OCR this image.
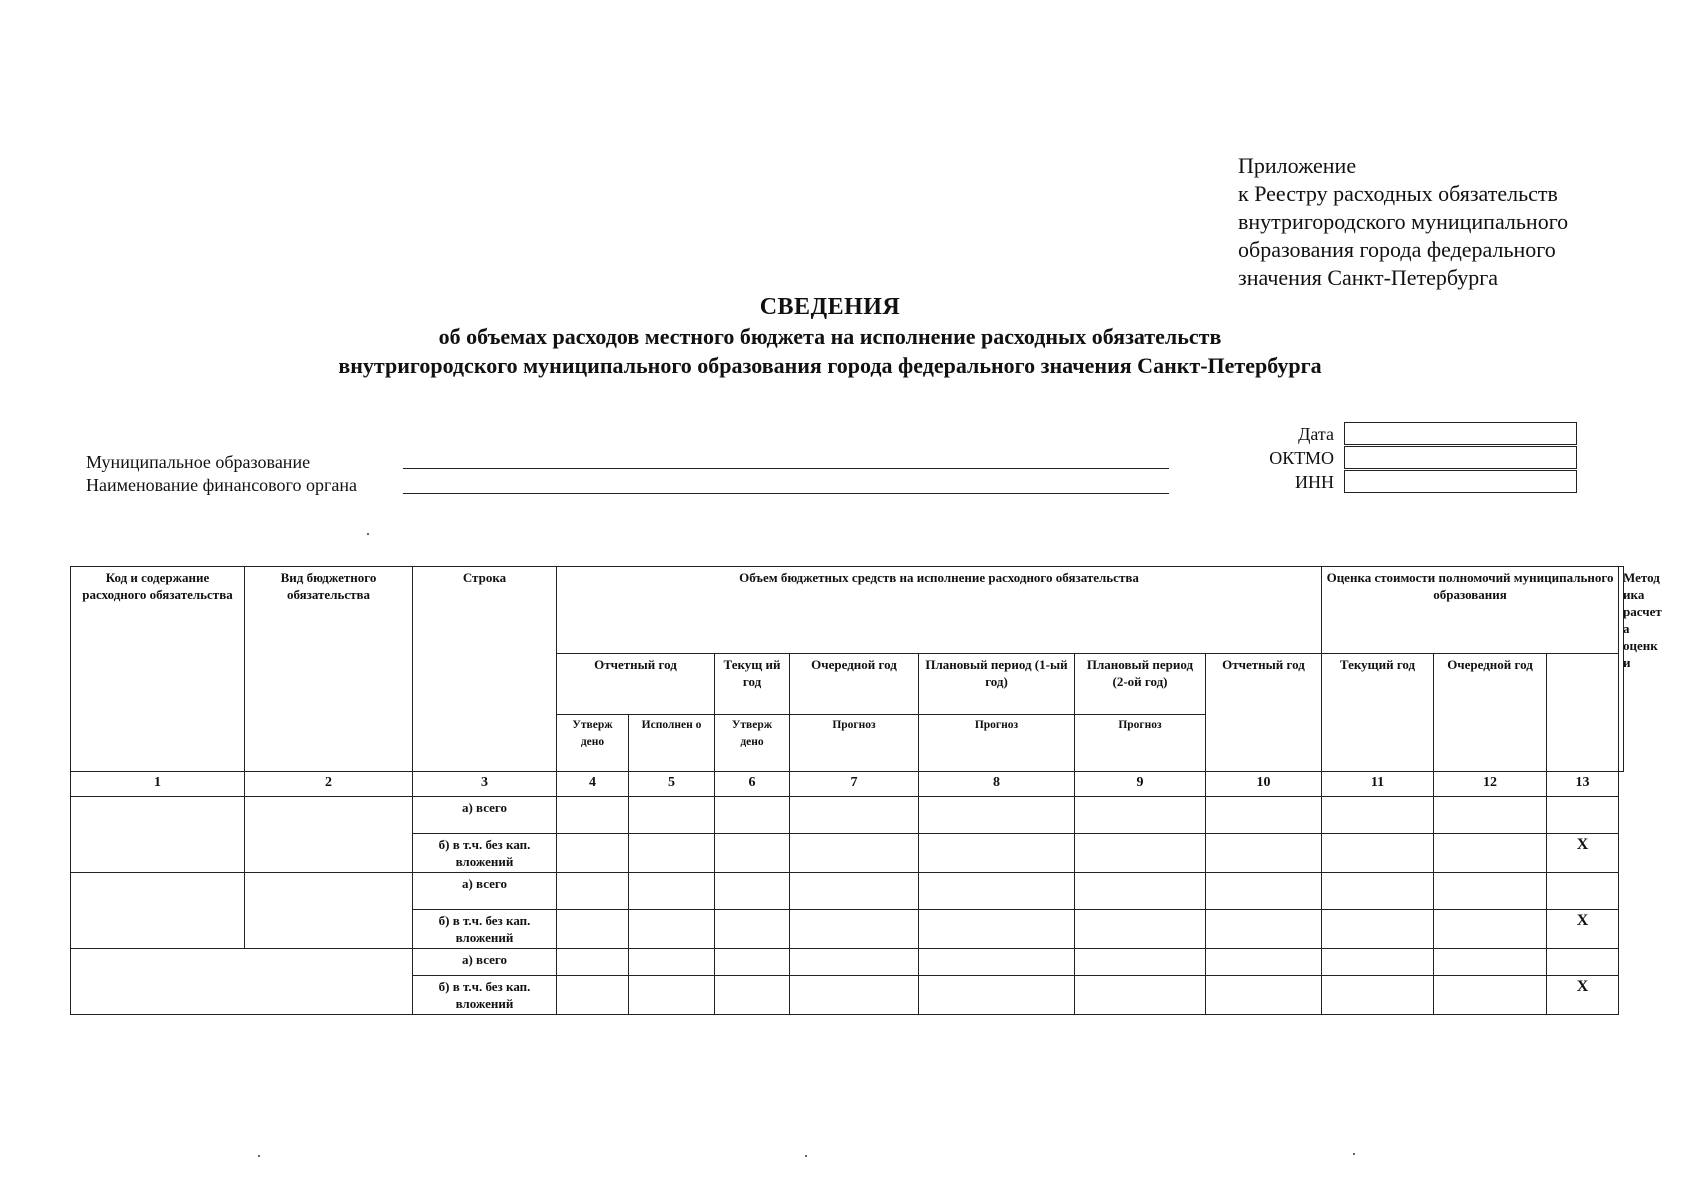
Приложение
к Реестру расходных обязательств
внутригородского муниципального
образования города федерального
значения Санкт-Петербурга
СВЕДЕНИЯ
об объемах расходов местного бюджета на исполнение расходных обязательств
внутригородского муниципального образования города федерального значения Санкт-Петербурга
Муниципальное образование
Наименование финансового органа
Дата
ОКТМО
ИНН
Код и содержание расходного обязательства	Вид бюджетного обязательства	Строка	Объем бюджетных средств на исполнение расходного обязательства							Оценка стоимости полномочий муниципального образования			Метод ика расчет а оценк и
			Отчетный год		Текущ ий год	Очередной год	Плановый период (1-ый год)	Плановый период (2-ой год)	Отчетный год	Текущий год	Очередной год		
			Утверж дено	Исполнен о	Утверж дено	Прогноз	Прогноз	Прогноз					
1	2	3	4	5	6	7	8	9	10	11	12	13	
		а) всего											
		б) в т.ч. без кап. вложений										X	
		а) всего											
		б) в т.ч. без кап. вложений										X	
		а) всего											
		б) в т.ч. без кап. вложений										X	
